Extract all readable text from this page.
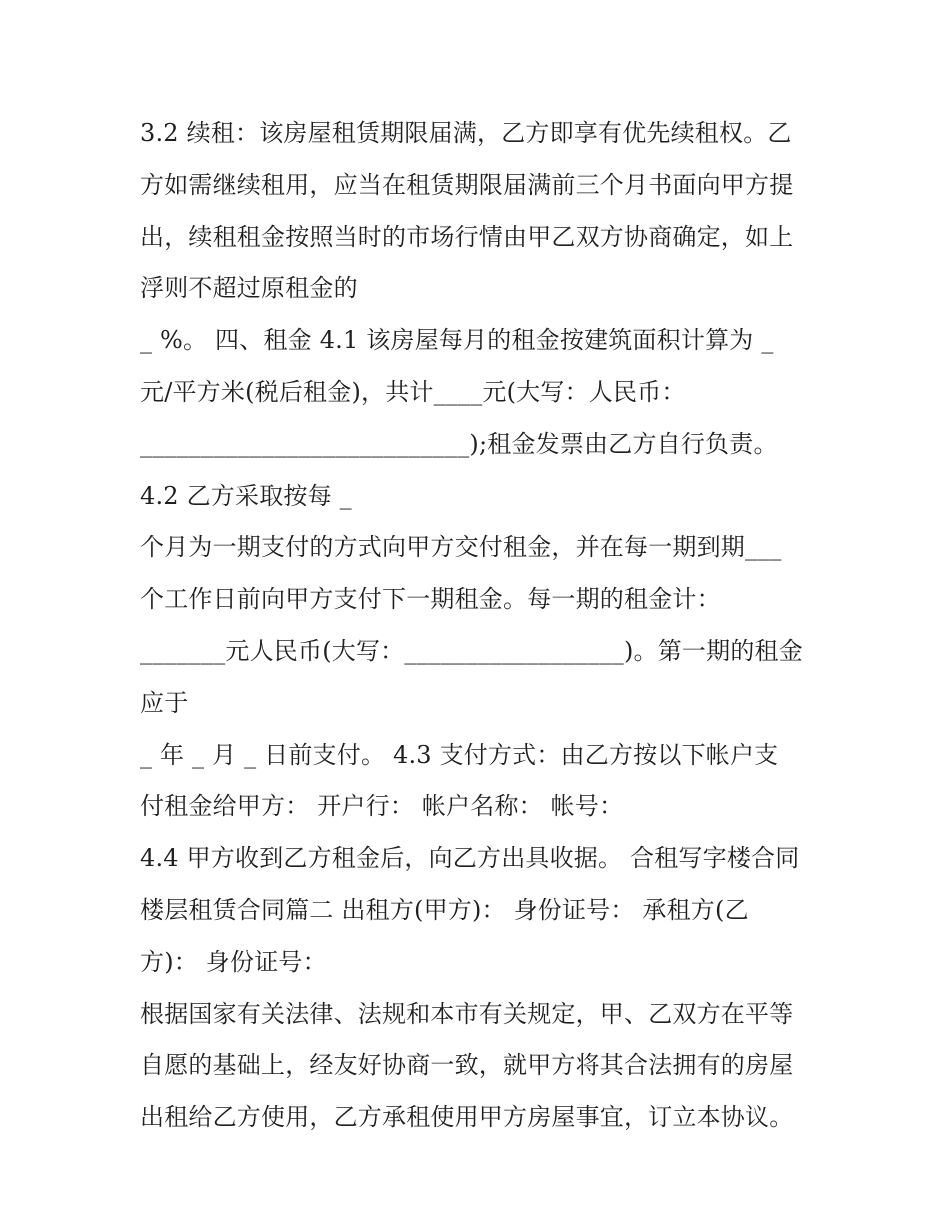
3.2 续租：该房屋租赁期限届满，乙方即享有优先续租权。乙
方如需继续租用，应当在租赁期限届满前三个月书面向甲方提
出，续租租金按照当时的市场行情由甲乙双方协商确定，如上
浮则不超过原租金的
_ %。 四、租金 4.1 该房屋每月的租金按建筑面积计算为 _
元/平方米(税后租金)，共计____元(大写：人民币：
___________________________);租金发票由乙方自行负责。
4.2 乙方采取按每 _
个月为一期支付的方式向甲方交付租金，并在每一期到期___
个工作日前向甲方支付下一期租金。每一期的租金计：
_______元人民币(大写：__________________)。第一期的租金
应于
_ 年 _ 月 _ 日前支付。 4.3 支付方式：由乙方按以下帐户支
付租金给甲方： 开户行： 帐户名称： 帐号：
4.4 甲方收到乙方租金后，向乙方出具收据。 合租写字楼合同
楼层租赁合同篇二 出租方(甲方)： 身份证号： 承租方(乙
方)： 身份证号：
根据国家有关法律、法规和本市有关规定，甲、乙双方在平等
自愿的基础上，经友好协商一致，就甲方将其合法拥有的房屋
出租给乙方使用，乙方承租使用甲方房屋事宜，订立本协议。
